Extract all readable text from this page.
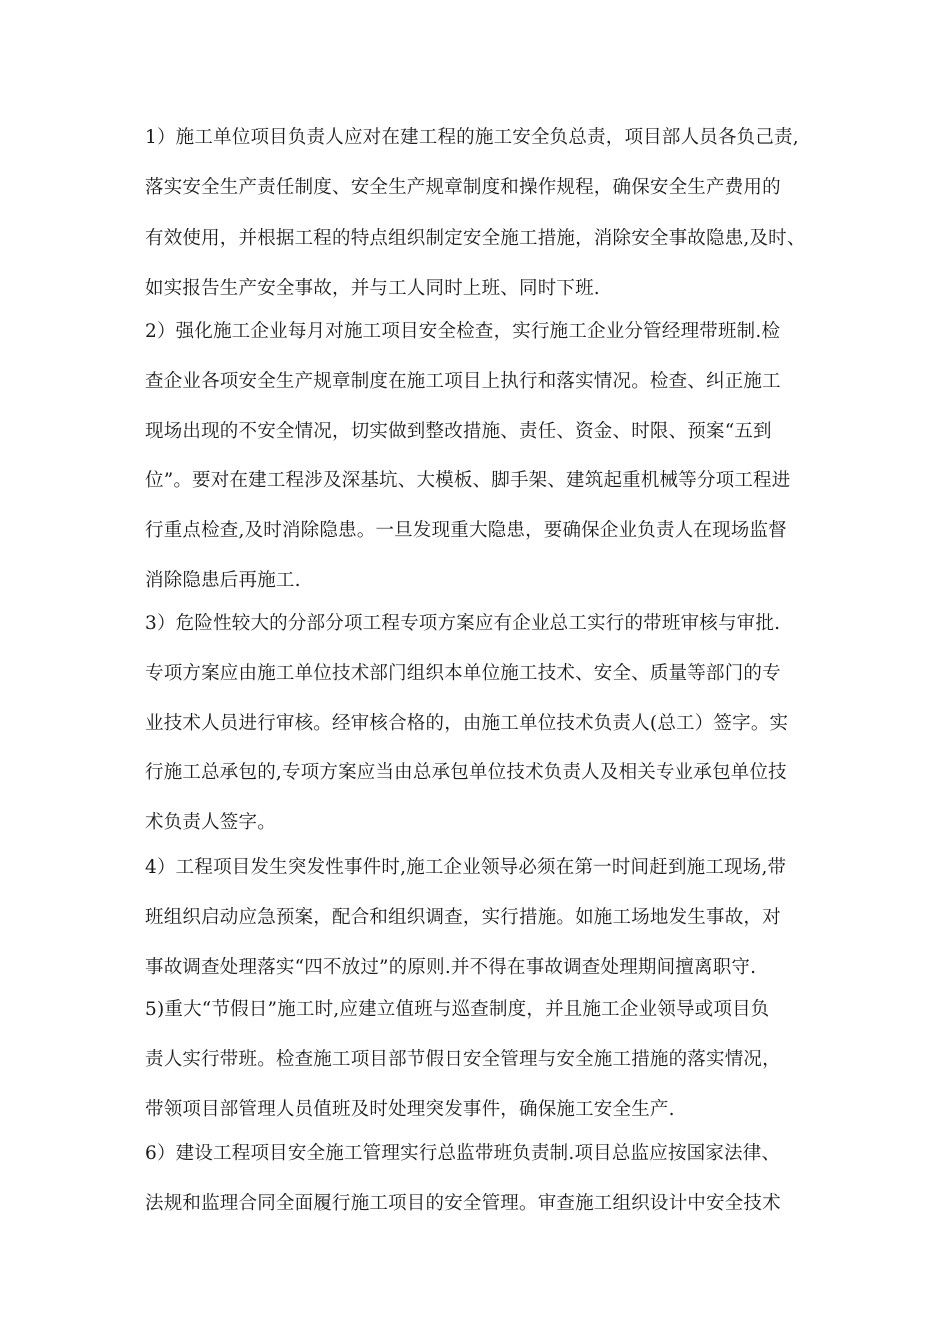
1）施工单位项目负责人应对在建工程的施工安全负总责，项目部人员各负己责,
落实安全生产责任制度、安全生产规章制度和操作规程，确保安全生产费用的
有效使用，并根据工程的特点组织制定安全施工措施，消除安全事故隐患,及时、
如实报告生产安全事故，并与工人同时上班、同时下班.
2）强化施工企业每月对施工项目安全检查，实行施工企业分管经理带班制.检
查企业各项安全生产规章制度在施工项目上执行和落实情况。检查、纠正施工
现场出现的不安全情况，切实做到整改措施、责任、资金、时限、预案“五到
位”。要对在建工程涉及深基坑、大模板、脚手架、建筑起重机械等分项工程进
行重点检查,及时消除隐患。一旦发现重大隐患，要确保企业负责人在现场监督
消除隐患后再施工.
3）危险性较大的分部分项工程专项方案应有企业总工实行的带班审核与审批.
专项方案应由施工单位技术部门组织本单位施工技术、安全、质量等部门的专
业技术人员进行审核。经审核合格的，由施工单位技术负责人(总工）签字。实
行施工总承包的,专项方案应当由总承包单位技术负责人及相关专业承包单位技
术负责人签字。
4）工程项目发生突发性事件时,施工企业领导必须在第一时间赶到施工现场,带
班组织启动应急预案，配合和组织调查，实行措施。如施工场地发生事故，对
事故调查处理落实“四不放过”的原则.并不得在事故调查处理期间擅离职守.
5)重大“节假日”施工时,应建立值班与巡查制度，并且施工企业领导或项目负
责人实行带班。检查施工项目部节假日安全管理与安全施工措施的落实情况，
带领项目部管理人员值班及时处理突发事件，确保施工安全生产.
6）建设工程项目安全施工管理实行总监带班负责制.项目总监应按国家法律、
法规和监理合同全面履行施工项目的安全管理。审查施工组织设计中安全技术
